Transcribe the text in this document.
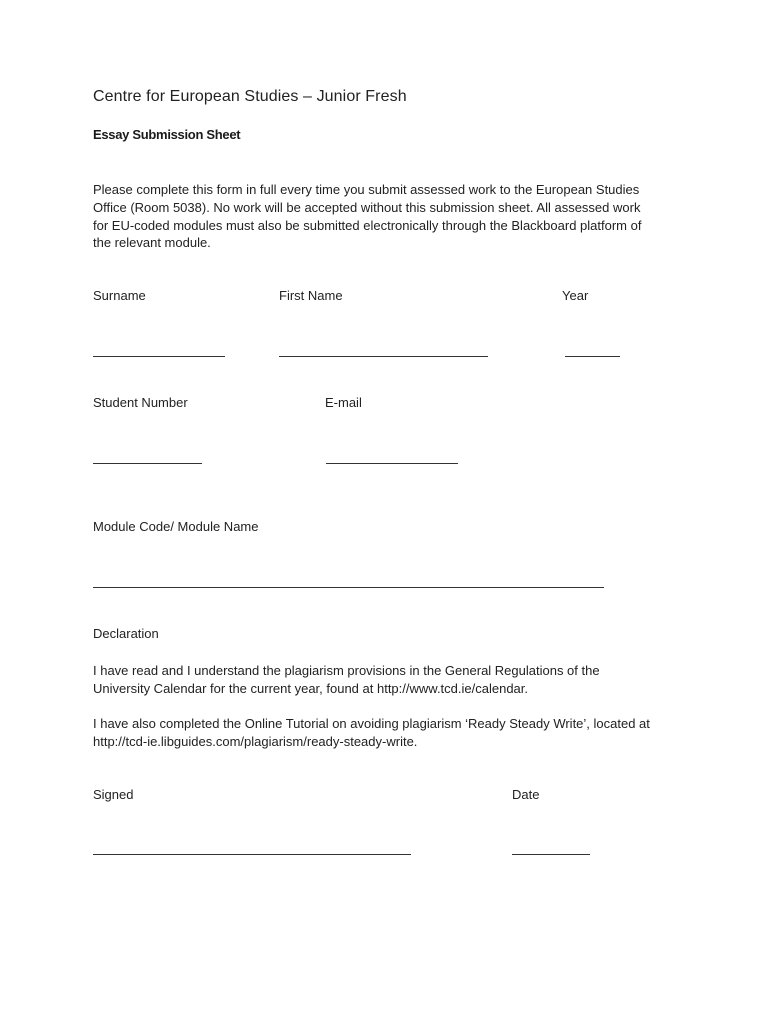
Centre for European Studies – Junior Fresh
Essay Submission Sheet
Please complete this form in full every time you submit assessed work to the European Studies Office (Room 5038). No work will be accepted without this submission sheet. All assessed work for EU-coded modules must also be submitted electronically through the Blackboard platform of the relevant module.
Surname	First Name	Year
Student Number	E-mail
Module Code/ Module Name
Declaration
I have read and I understand the plagiarism provisions in the General Regulations of the University Calendar for the current year, found at http://www.tcd.ie/calendar.
I have also completed the Online Tutorial on avoiding plagiarism ‘Ready Steady Write’, located at http://tcd-ie.libguides.com/plagiarism/ready-steady-write.
Signed	Date
